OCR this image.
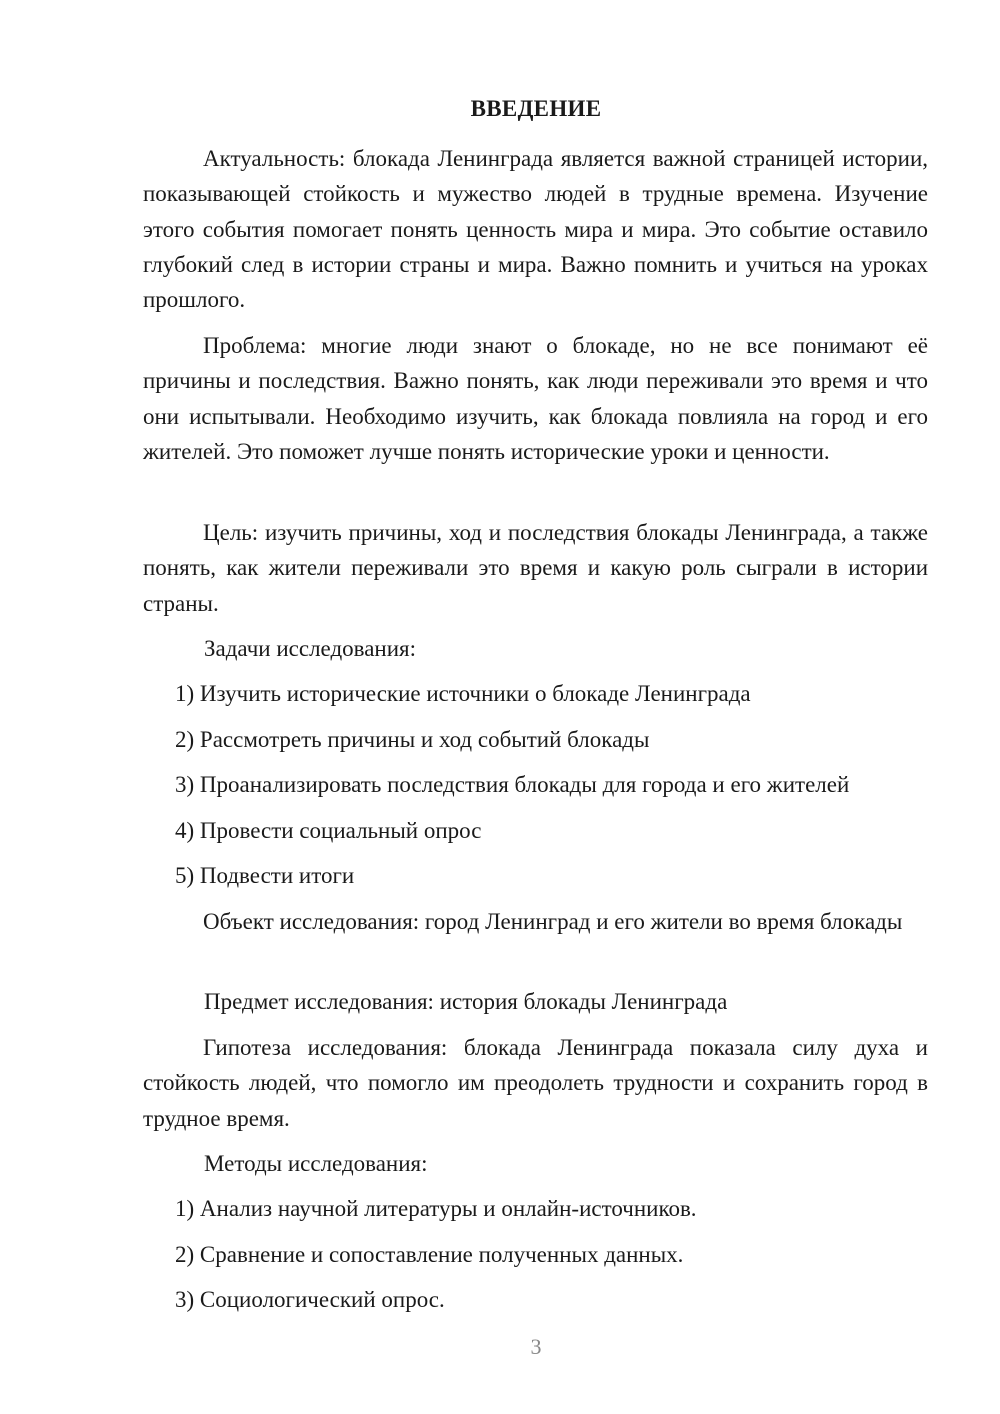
ВВЕДЕНИЕ
Актуальность: блокада Ленинграда является важной страницей истории, показывающей стойкость и мужество людей в трудные времена. Изучение этого события помогает понять ценность мира и мира. Это событие оставило глубокий след в истории страны и мира. Важно помнить и учиться на уроках прошлого.
Проблема: многие люди знают о блокаде, но не все понимают её причины и последствия. Важно понять, как люди переживали это время и что они испытывали. Необходимо изучить, как блокада повлияла на город и его жителей. Это поможет лучше понять исторические уроки и ценности.
Цель: изучить причины, ход и последствия блокады Ленинграда, а также понять, как жители переживали это время и какую роль сыграли в истории страны.
Задачи исследования:
1) Изучить исторические источники о блокаде Ленинграда
2) Рассмотреть причины и ход событий блокады
3) Проанализировать последствия блокады для города и его жителей
4) Провести социальный опрос
5) Подвести итоги
Объект исследования: город Ленинград и его жители во время блокады
Предмет исследования: история блокады Ленинграда
Гипотеза исследования: блокада Ленинграда показала силу духа и стойкость людей, что помогло им преодолеть трудности и сохранить город в трудное время.
Методы исследования:
1) Анализ научной литературы и онлайн-источников.
2) Сравнение и сопоставление полученных данных.
3) Социологический опрос.
3
